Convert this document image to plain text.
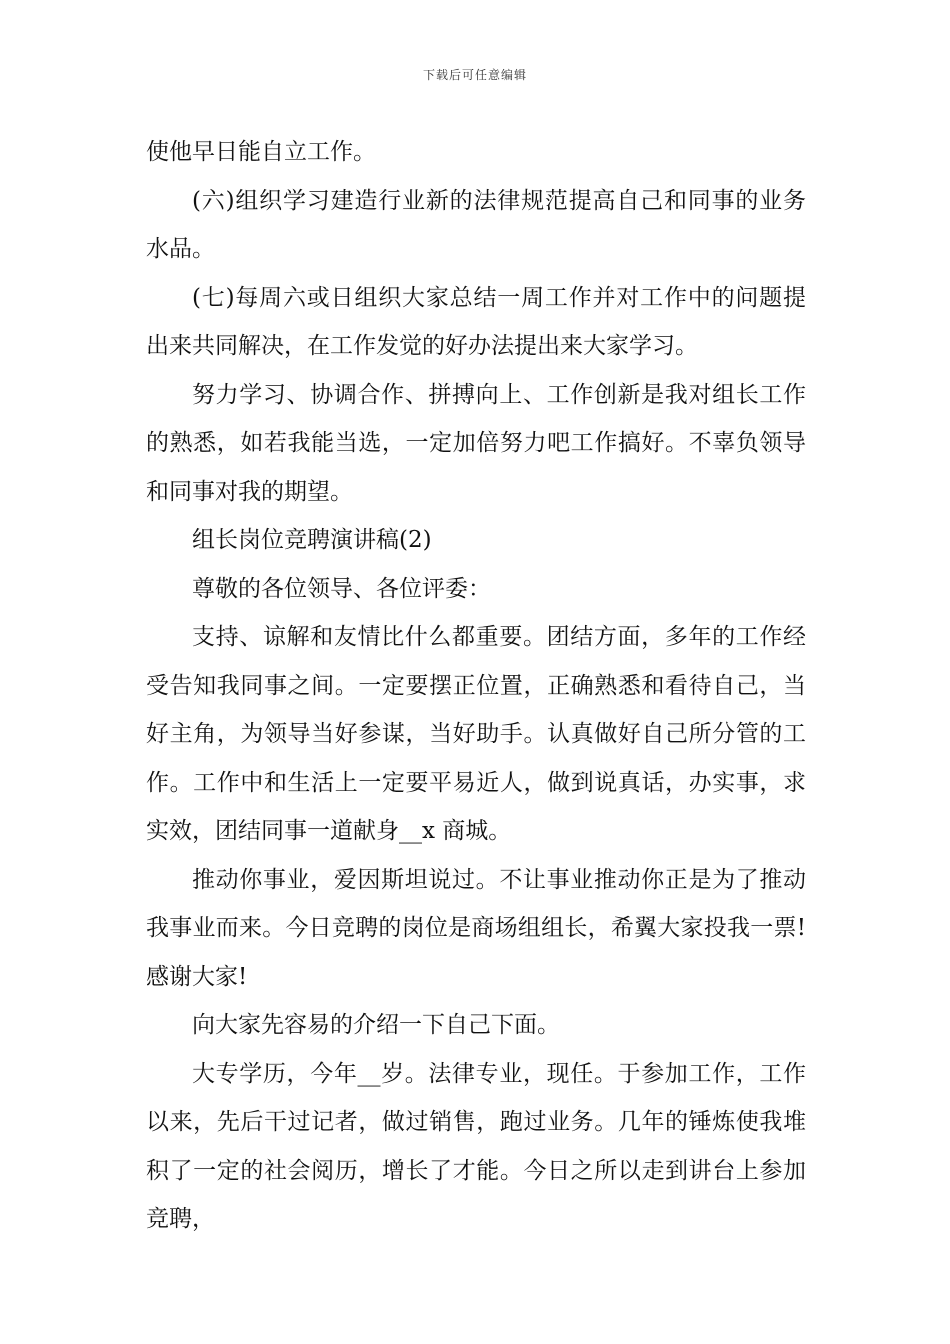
下载后可任意编辑

使他早日能自立工作。

(六)组织学习建造行业新的法律规范提高自己和同事的业务水品。

(七)每周六或日组织大家总结一周工作并对工作中的问题提出来共同解决，在工作发觉的好办法提出来大家学习。

努力学习、协调合作、拼搏向上、工作创新是我对组长工作的熟悉，如若我能当选，一定加倍努力吧工作搞好。不辜负领导和同事对我的期望。

组长岗位竞聘演讲稿(2)

尊敬的各位领导、各位评委：

支持、谅解和友情比什么都重要。团结方面，多年的工作经受告知我同事之间。一定要摆正位置，正确熟悉和看待自己，当好主角，为领导当好参谋，当好助手。认真做好自己所分管的工作。工作中和生活上一定要平易近人，做到说真话，办实事，求实效，团结同事一道献身__x 商城。

推动你事业，爱因斯坦说过。不让事业推动你正是为了推动我事业而来。今日竞聘的岗位是商场组组长，希翼大家投我一票!感谢大家!

向大家先容易的介绍一下自己下面。

大专学历，今年__岁。法律专业，现任。于参加工作，工作以来，先后干过记者，做过销售，跑过业务。几年的锤炼使我堆积了一定的社会阅历，增长了才能。今日之所以走到讲台上参加竞聘，
